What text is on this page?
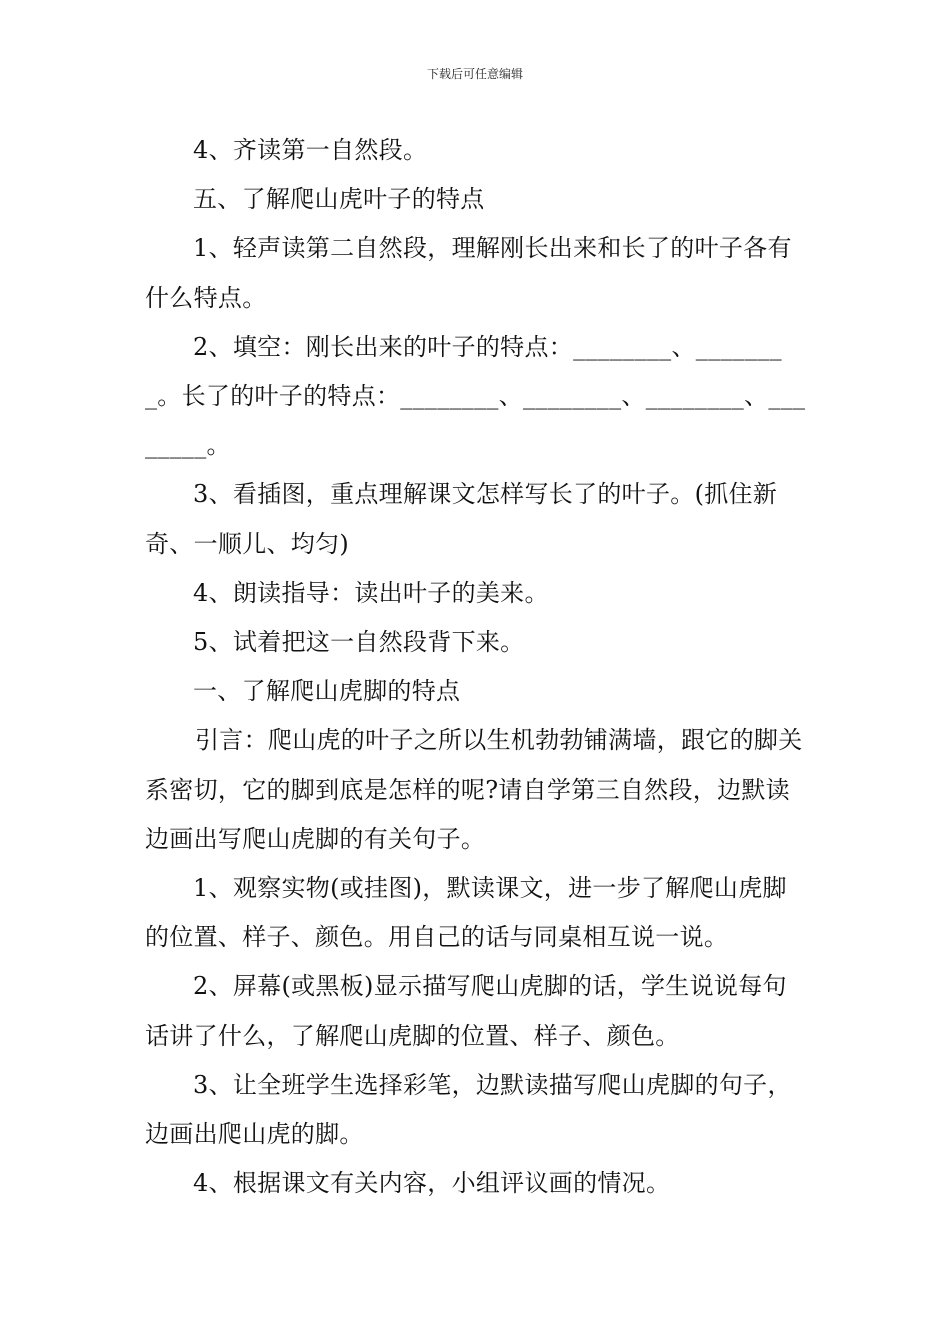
下载后可任意编辑

4、齐读第一自然段。

五、了解爬山虎叶子的特点

1、轻声读第二自然段，理解刚长出来和长了的叶子各有什么特点。

2、填空：刚长出来的叶子的特点：________、________。长了的叶子的特点：________、________、________、________。

3、看插图，重点理解课文怎样写长了的叶子。(抓住新奇、一顺儿、均匀)

4、朗读指导：读出叶子的美来。

5、试着把这一自然段背下来。

一、了解爬山虎脚的特点

引言：爬山虎的叶子之所以生机勃勃铺满墙，跟它的脚关系密切，它的脚到底是怎样的呢?请自学第三自然段，边默读边画出写爬山虎脚的有关句子。

1、观察实物(或挂图)，默读课文，进一步了解爬山虎脚的位置、样子、颜色。用自己的话与同桌相互说一说。

2、屏幕(或黑板)显示描写爬山虎脚的话，学生说说每句话讲了什么，了解爬山虎脚的位置、样子、颜色。

3、让全班学生选择彩笔，边默读描写爬山虎脚的句子，边画出爬山虎的脚。

4、根据课文有关内容，小组评议画的情况。
